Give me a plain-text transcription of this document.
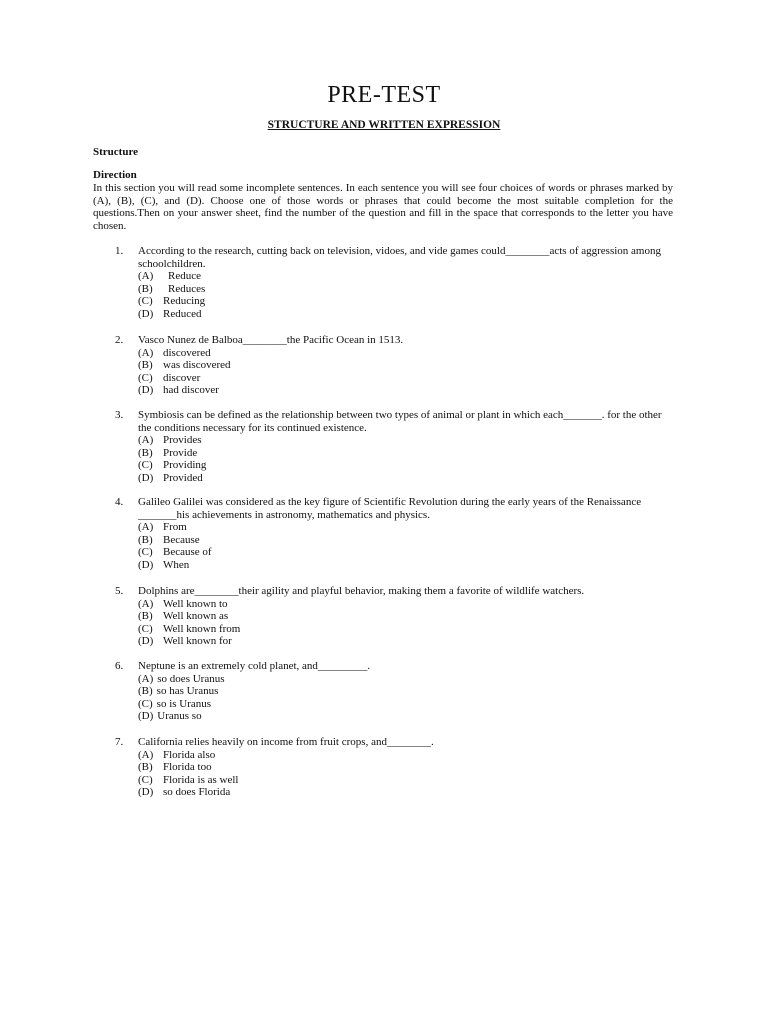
PRE-TEST
STRUCTURE AND WRITTEN EXPRESSION
Structure
Direction
In this section you will read some incomplete sentences. In each sentence you will see four choices of words or phrases marked by (A), (B), (C), and (D). Choose one of those words or phrases that could become the most suitable completion for the questions.Then on your answer sheet, find the number of the question and fill in the space that corresponds to the letter you have chosen.
1.	According to the research, cutting back on television, vidoes, and vide games could________acts of aggression among schoolchildren.
(A) Reduce
(B) Reduces
(C) Reducing
(D) Reduced
2.	Vasco Nunez de Balboa________the Pacific Ocean in 1513.
(A) discovered
(B) was discovered
(C) discover
(D) had discover
3.	Symbiosis can be defined as the relationship between two types of animal or plant in which each_______. for the other the conditions necessary for its continued existence.
(A) Provides
(B) Provide
(C) Providing
(D) Provided
4.	Galileo Galilei was considered as the key figure of Scientific Revolution during the early years of the Renaissance _______his achievements in astronomy, mathematics and physics.
(A) From
(B) Because
(C) Because of
(D) When
5.	Dolphins are________their agility and playful behavior, making them a favorite of wildlife watchers.
(A) Well known to
(B) Well known as
(C) Well known from
(D) Well known for
6.	Neptune is an extremely cold planet, and_________.
(A) so does Uranus
(B) so has Uranus
(C) so is Uranus
(D) Uranus so
7.	California relies heavily on income from fruit crops, and________.
(A) Florida also
(B) Florida too
(C) Florida is as well
(D) so does Florida
